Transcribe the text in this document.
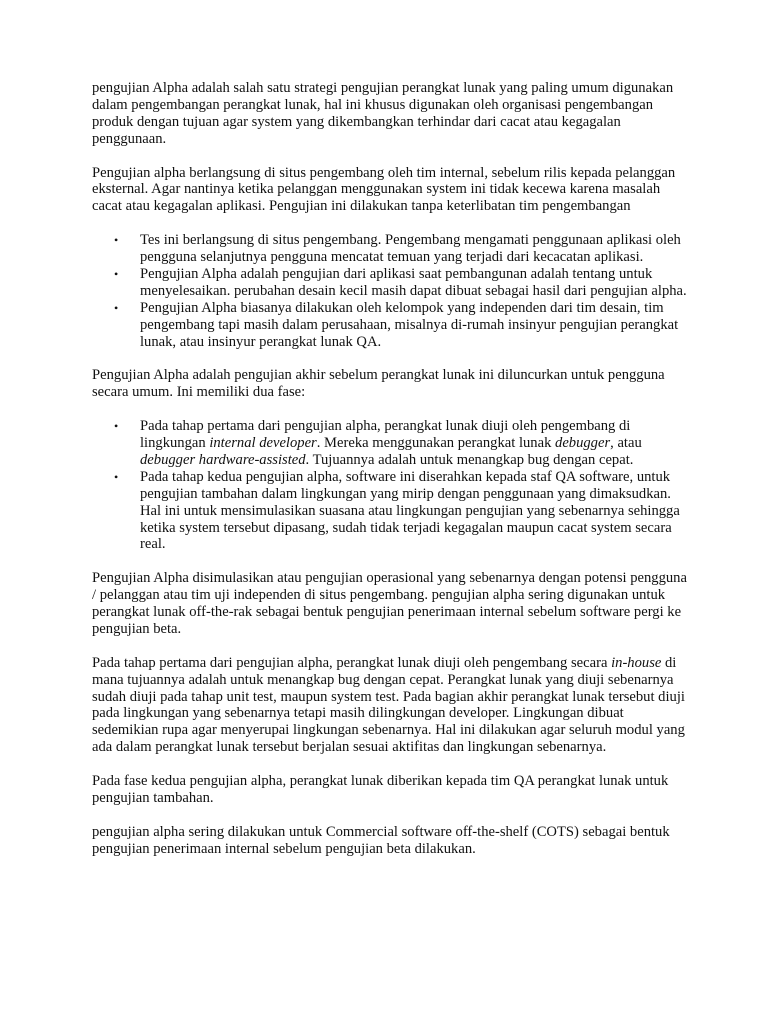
pengujian Alpha adalah salah satu strategi pengujian perangkat lunak yang paling umum digunakan dalam pengembangan perangkat lunak, hal ini khusus digunakan oleh organisasi pengembangan produk dengan tujuan agar system yang dikembangkan terhindar dari cacat atau kegagalan penggunaan.

Pengujian alpha berlangsung di situs pengembang oleh tim internal, sebelum rilis kepada pelanggan eksternal. Agar nantinya ketika pelanggan menggunakan system ini tidak kecewa karena masalah cacat atau kegagalan aplikasi. Pengujian ini dilakukan tanpa keterlibatan tim pengembangan

• Tes ini berlangsung di situs pengembang. Pengembang mengamati penggunaan aplikasi oleh pengguna selanjutnya pengguna mencatat temuan yang terjadi dari kecacatan aplikasi.
• Pengujian Alpha adalah pengujian dari aplikasi saat pembangunan adalah tentang untuk menyelesaikan. perubahan desain kecil masih dapat dibuat sebagai hasil dari pengujian alpha.
• Pengujian Alpha biasanya dilakukan oleh kelompok yang independen dari tim desain, tim pengembang tapi masih dalam perusahaan, misalnya di-rumah insinyur pengujian perangkat lunak, atau insinyur perangkat lunak QA.

Pengujian Alpha adalah pengujian akhir sebelum perangkat lunak ini diluncurkan untuk pengguna secara umum. Ini memiliki dua fase:

• Pada tahap pertama dari pengujian alpha, perangkat lunak diuji oleh pengembang di lingkungan internal developer. Mereka menggunakan perangkat lunak debugger, atau debugger hardware-assisted. Tujuannya adalah untuk menangkap bug dengan cepat.
• Pada tahap kedua pengujian alpha, software ini diserahkan kepada staf QA software, untuk pengujian tambahan dalam lingkungan yang mirip dengan penggunaan yang dimaksudkan. Hal ini untuk mensimulasikan suasana atau lingkungan pengujian yang sebenarnya sehingga ketika system tersebut dipasang, sudah tidak terjadi kegagalan maupun cacat system secara real.

Pengujian Alpha disimulasikan atau pengujian operasional yang sebenarnya dengan potensi pengguna / pelanggan atau tim uji independen di situs pengembang. pengujian alpha sering digunakan untuk perangkat lunak off-the-rak sebagai bentuk pengujian penerimaan internal sebelum software pergi ke pengujian beta.

Pada tahap pertama dari pengujian alpha, perangkat lunak diuji oleh pengembang secara in-house di mana tujuannya adalah untuk menangkap bug dengan cepat. Perangkat lunak yang diuji sebenarnya sudah diuji pada tahap unit test, maupun system test. Pada bagian akhir perangkat lunak tersebut diuji pada lingkungan yang sebenarnya tetapi masih dilingkungan developer. Lingkungan dibuat sedemikian rupa agar menyerupai lingkungan sebenarnya. Hal ini dilakukan agar seluruh modul yang ada dalam perangkat lunak tersebut berjalan sesuai aktifitas dan lingkungan sebenarnya.

Pada fase kedua pengujian alpha, perangkat lunak diberikan kepada tim QA perangkat lunak untuk pengujian tambahan.

pengujian alpha sering dilakukan untuk Commercial software off-the-shelf (COTS) sebagai bentuk pengujian penerimaan internal sebelum pengujian beta dilakukan.
